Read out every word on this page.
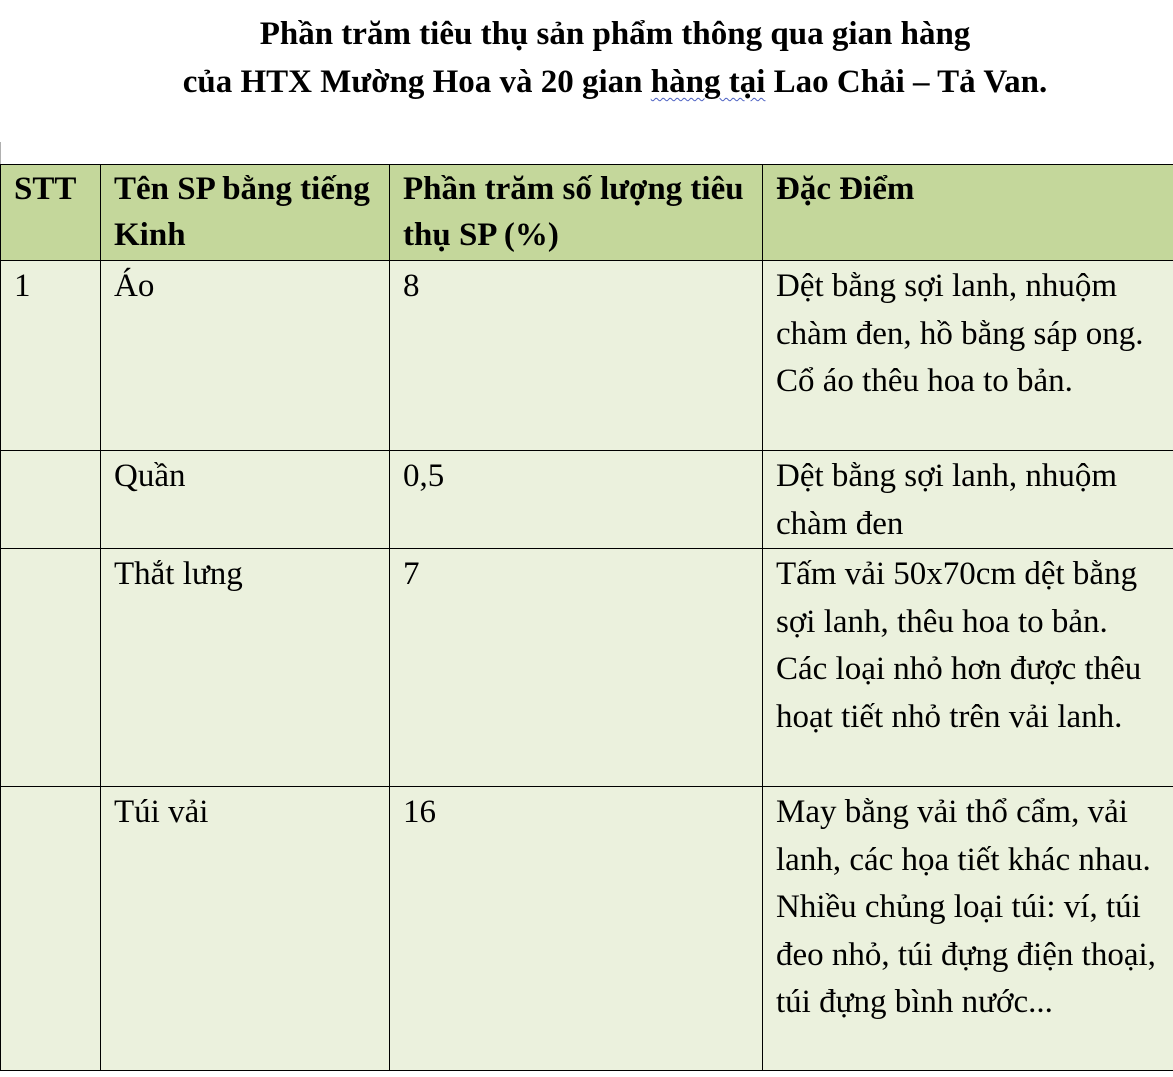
Phần trăm tiêu thụ sản phẩm thông qua gian hàng
của HTX Mường Hoa và 20 gian hàng tại Lao Chải – Tả Van.
STT	Tên SP bằng tiếng Kinh	Phần trăm số lượng tiêu thụ SP (%)	Đặc Điểm
1	Áo	8	Dệt bằng sợi lanh, nhuộm chàm đen, hồ bằng sáp ong. Cổ áo thêu hoa to bản.
	Quần	0,5	Dệt bằng sợi lanh, nhuộm chàm đen
	Thắt lưng	7	Tấm vải 50x70cm dệt bằng sợi lanh, thêu hoa to bản. Các loại nhỏ hơn được thêu hoạt tiết nhỏ trên vải lanh.
	Túi vải	16	May bằng vải thổ cẩm, vải lanh, các họa tiết khác nhau. Nhiều chủng loại túi: ví, túi đeo nhỏ, túi đựng điện thoại, túi đựng bình nước...
